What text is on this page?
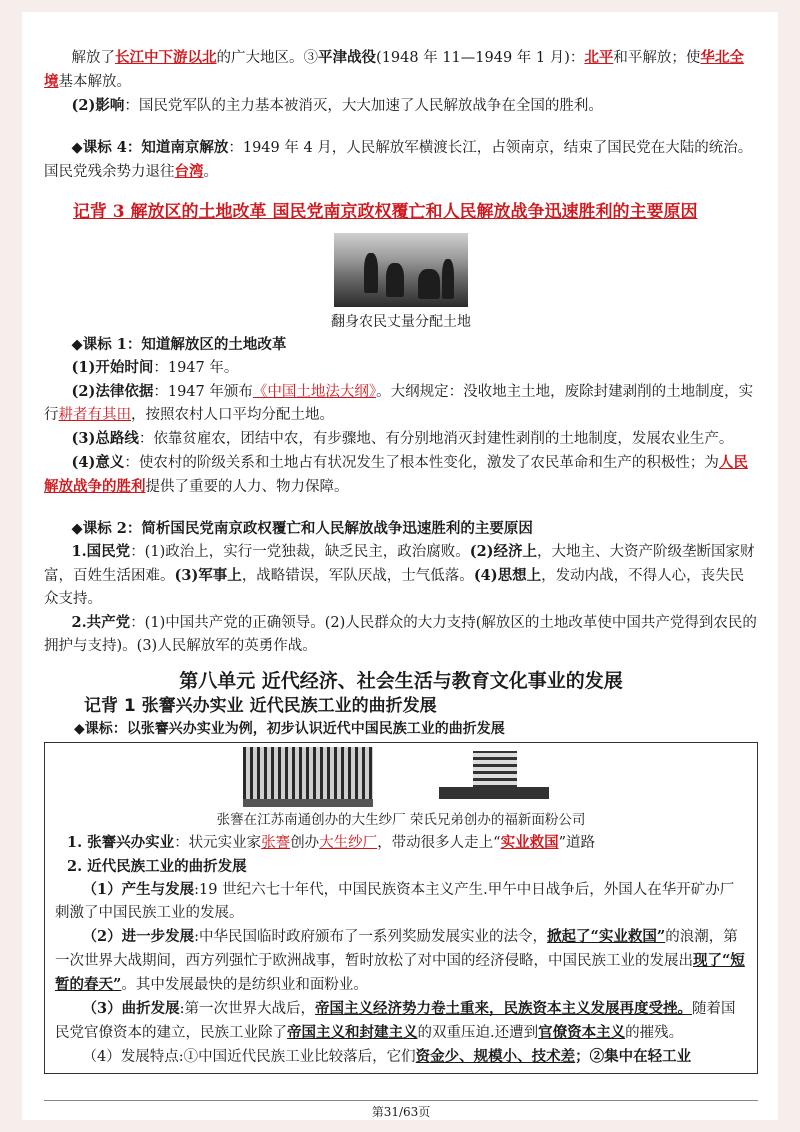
解放了长江中下游以北的广大地区。③平津战役(1948 年 11—1949 年 1 月)：北平和平解放；使华北全境基本解放。

(2)影响：国民党军队的主力基本被消灭，大大加速了人民解放战争在全国的胜利。

◆课标 4：知道南京解放：1949 年 4 月，人民解放军横渡长江，占领南京，结束了国民党在大陆的统治。国民党残余势力退往台湾。

记背 3 解放区的土地改革 国民党南京政权覆亡和人民解放战争迅速胜利的主要原因
翻身农民丈量分配土地

◆课标 1：知道解放区的土地改革

(1)开始时间：1947 年。

(2)法律依据：1947 年颁布《中国土地法大纲》。大纲规定：没收地主土地，废除封建剥削的土地制度，实行耕者有其田，按照农村人口平均分配土地。

(3)总路线：依靠贫雇农，团结中农，有步骤地、有分别地消灭封建性剥削的土地制度，发展农业生产。

(4)意义：使农村的阶级关系和土地占有状况发生了根本性变化，激发了农民革命和生产的积极性；为人民解放战争的胜利提供了重要的人力、物力保障。

◆课标 2：简析国民党南京政权覆亡和人民解放战争迅速胜利的主要原因

1.国民党：(1)政治上，实行一党独裁，缺乏民主，政治腐败。(2)经济上，大地主、大资产阶级垄断国家财富，百姓生活困难。(3)军事上，战略错误，军队厌战，士气低落。(4)思想上，发动内战，不得人心，丧失民众支持。

2.共产党：(1)中国共产党的正确领导。(2)人民群众的大力支持(解放区的土地改革使中国共产党得到农民的拥护与支持)。(3)人民解放军的英勇作战。

第八单元 近代经济、社会生活与教育文化事业的发展
记背 1 张謇兴办实业 近代民族工业的曲折发展
◆课标：以张謇兴办实业为例，初步认识近代中国民族工业的曲折发展
张謇在江苏南通创办的大生纱厂 荣氏兄弟创办的福新面粉公司

1. 张謇兴办实业：状元实业家张謇创办大生纱厂，带动很多人走上“实业救国”道路

2. 近代民族工业的曲折发展

（1）产生与发展:19 世纪六七十年代，中国民族资本主义产生.甲午中日战争后，外国人在华开矿办厂刺激了中国民族工业的发展。

（2）进一步发展:中华民国临时政府颁布了一系列奖励发展实业的法令，掀起了“实业救国”的浪潮，第一次世界大战期间，西方列强忙于欧洲战事，暂时放松了对中国的经济侵略，中国民族工业的发展出现了“短暂的春天”。其中发展最快的是纺织业和面粉业。

（3）曲折发展:第一次世界大战后，帝国主义经济势力卷土重来，民族资本主义发展再度受挫。随着国民党官僚资本的建立，民族工业除了帝国主义和封建主义的双重压迫.还遭到官僚资本主义的摧残。

（4）发展特点:①中国近代民族工业比较落后，它们资金少、规模小、技术差；②集中在轻工业

第31/63页
